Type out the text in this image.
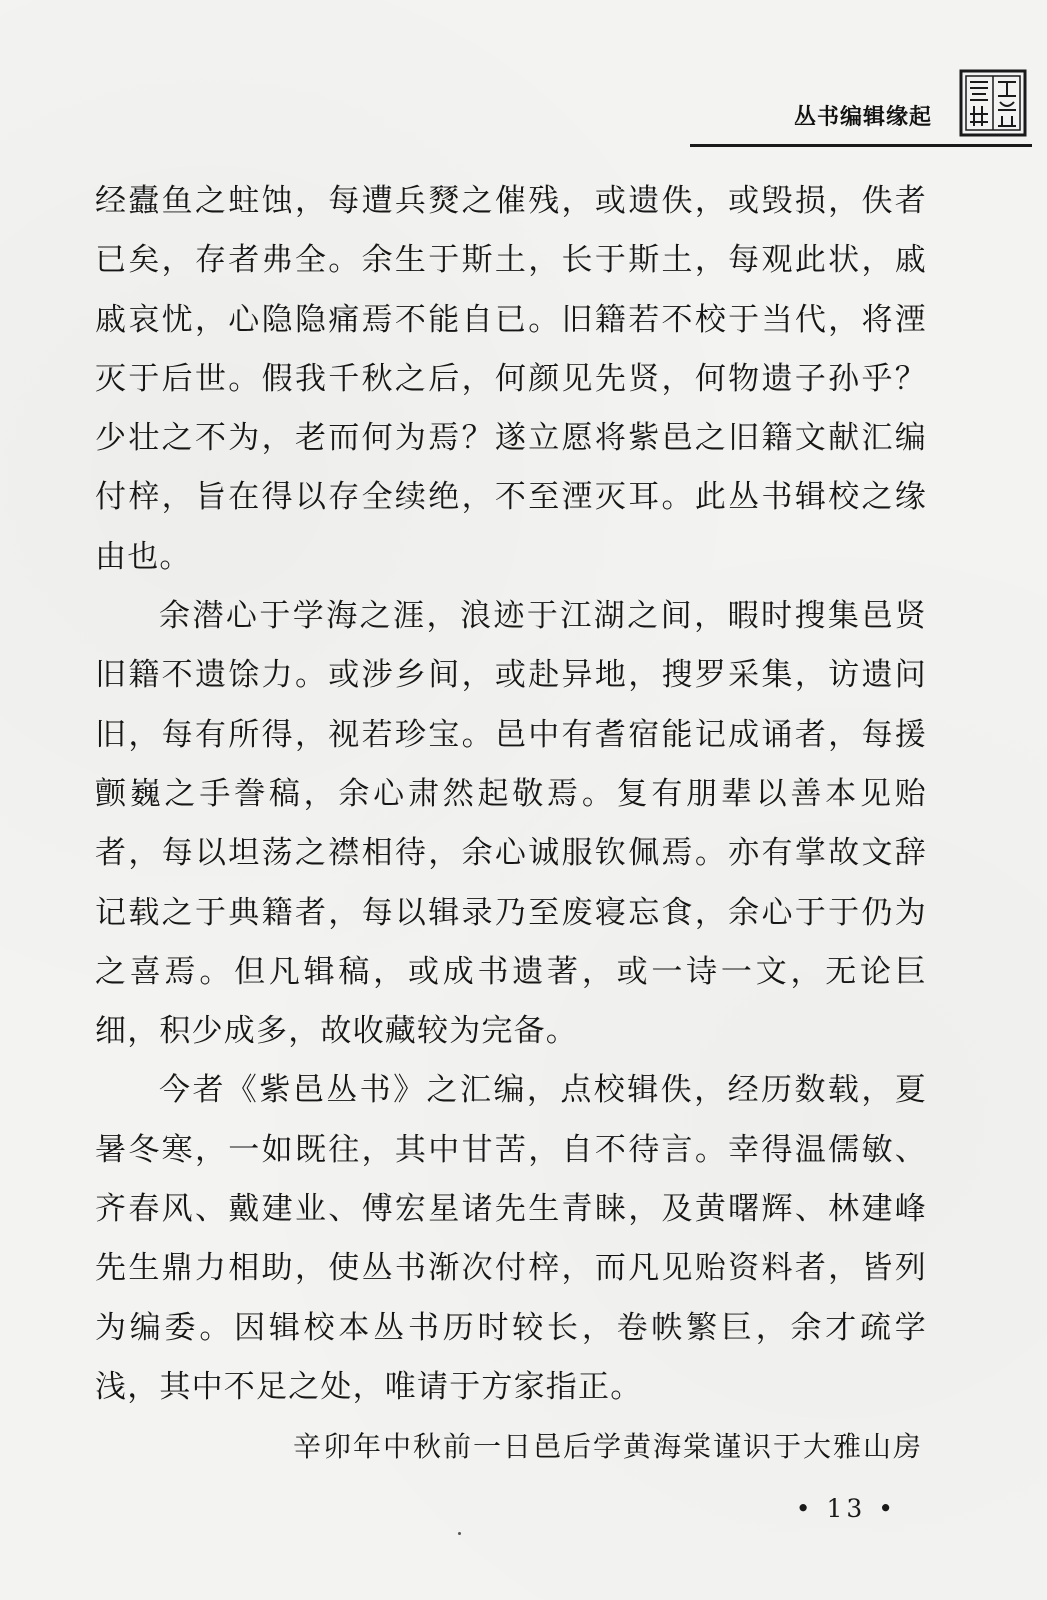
丛书编辑缘起

经蠹鱼之蛀蚀，每遭兵燹之催残，或遗佚，或毁损，佚者已矣，存者弗全。余生于斯土，长于斯土，每观此状，戚戚哀忧，心隐隐痛焉不能自已。旧籍若不校于当代，将湮灭于后世。假我千秋之后，何颜见先贤，何物遗子孙乎？少壮之不为，老而何为焉？遂立愿将紫邑之旧籍文献汇编付梓，旨在得以存全续绝，不至湮灭耳。此丛书辑校之缘由也。

余潜心于学海之涯，浪迹于江湖之间，暇时搜集邑贤旧籍不遗馀力。或涉乡间，或赴异地，搜罗采集，访遗问旧，每有所得，视若珍宝。邑中有耆宿能记成诵者，每援颤巍之手誊稿，余心肃然起敬焉。复有朋辈以善本见贻者，每以坦荡之襟相待，余心诚服钦佩焉。亦有掌故文辞记载之于典籍者，每以辑录乃至废寝忘食，余心于于仍为之喜焉。但凡辑稿，或成书遗著，或一诗一文，无论巨细，积少成多，故收藏较为完备。

今者《紫邑丛书》之汇编，点校辑佚，经历数载，夏暑冬寒，一如既往，其中甘苦，自不待言。幸得温儒敏、齐春风、戴建业、傅宏星诸先生青睐，及黄曙辉、林建峰先生鼎力相助，使丛书渐次付梓，而凡见贻资料者，皆列为编委。因辑校本丛书历时较长，卷帙繁巨，余才疏学浅，其中不足之处，唯请于方家指正。

辛卯年中秋前一日邑后学黄海棠谨识于大雅山房

• 13 •
